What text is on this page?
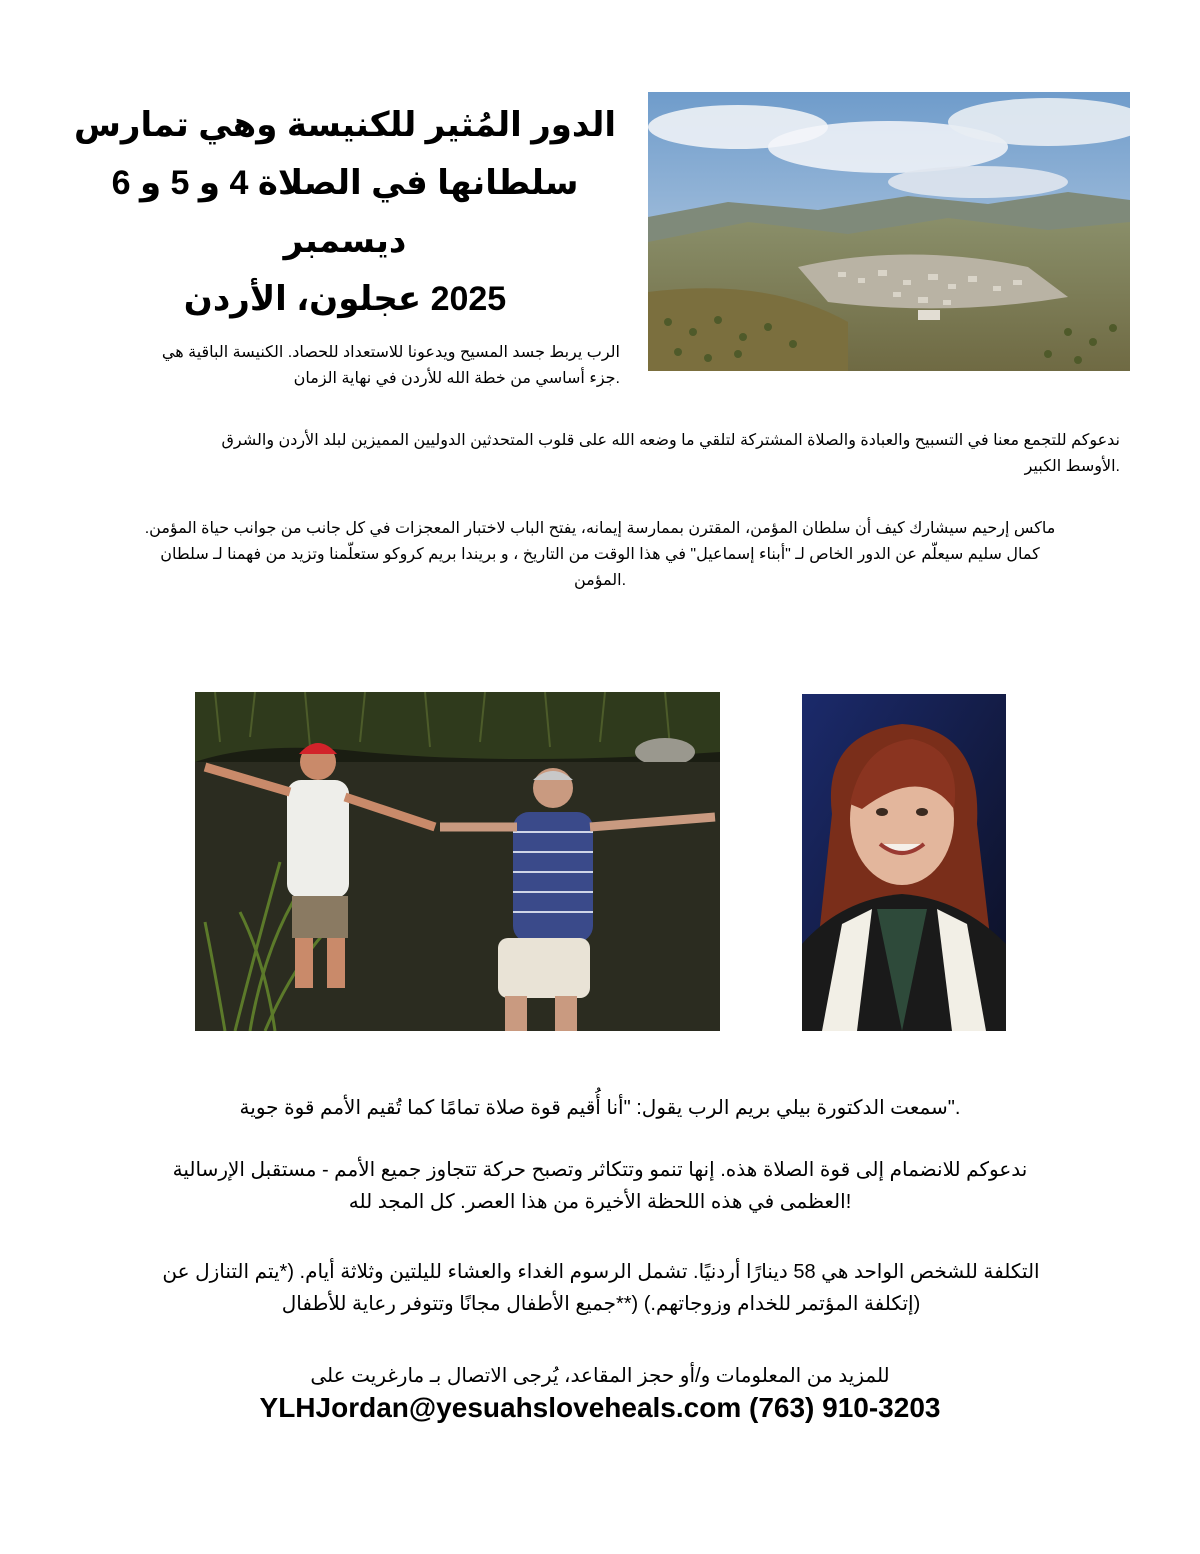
الدور المُثير للكنيسة وهي تمارس
سلطانها في الصلاة 4 و 5 و 6 ديسمبر
2025 عجلون، الأردن
الرب يربط جسد المسيح ويدعونا للاستعداد للحصاد. الكنيسة الباقية هي
.جزء أساسي من خطة الله للأردن في نهاية الزمان
ندعوكم للتجمع معنا في التسبيح والعبادة والصلاة المشتركة لتلقي ما وضعه الله على قلوب المتحدثين الدوليين المميزين لبلد الأردن والشرق
.الأوسط الكبير
ماكس إرحيم سيشارك كيف أن سلطان المؤمن، المقترن بممارسة إيمانه، يفتح الباب لاختبار المعجزات في كل جانب من جوانب حياة المؤمن.
كمال سليم سيعلّم عن الدور الخاص لـ "أبناء إسماعيل" في هذا الوقت من التاريخ ، و بريندا بريم كروكو ستعلّمنا وتزيد من فهمنا لـ سلطان
.المؤمن
."سمعت الدكتورة بيلي بريم الرب يقول: "أنا أُقيم قوة صلاة تمامًا كما تُقيم الأمم قوة جوية
ندعوكم للانضمام إلى قوة الصلاة هذه. إنها تنمو وتتكاثر وتصبح حركة تتجاوز جميع الأمم - مستقبل الإرسالية
!العظمى في هذه اللحظة الأخيرة من هذا العصر. كل المجد لله
التكلفة للشخص الواحد هي 58 دينارًا أردنيًا. تشمل الرسوم الغداء والعشاء لليلتين وثلاثة أيام. (*يتم التنازل عن
(إتكلفة المؤتمر للخدام وزوجاتهم.) (**جميع الأطفال مجانًا وتتوفر رعاية للأطفال
للمزيد من المعلومات و/أو حجز المقاعد، يُرجى الاتصال بـ مارغريت على
YLHJordan@yesuahsloveheals.com (763) 910-3203
